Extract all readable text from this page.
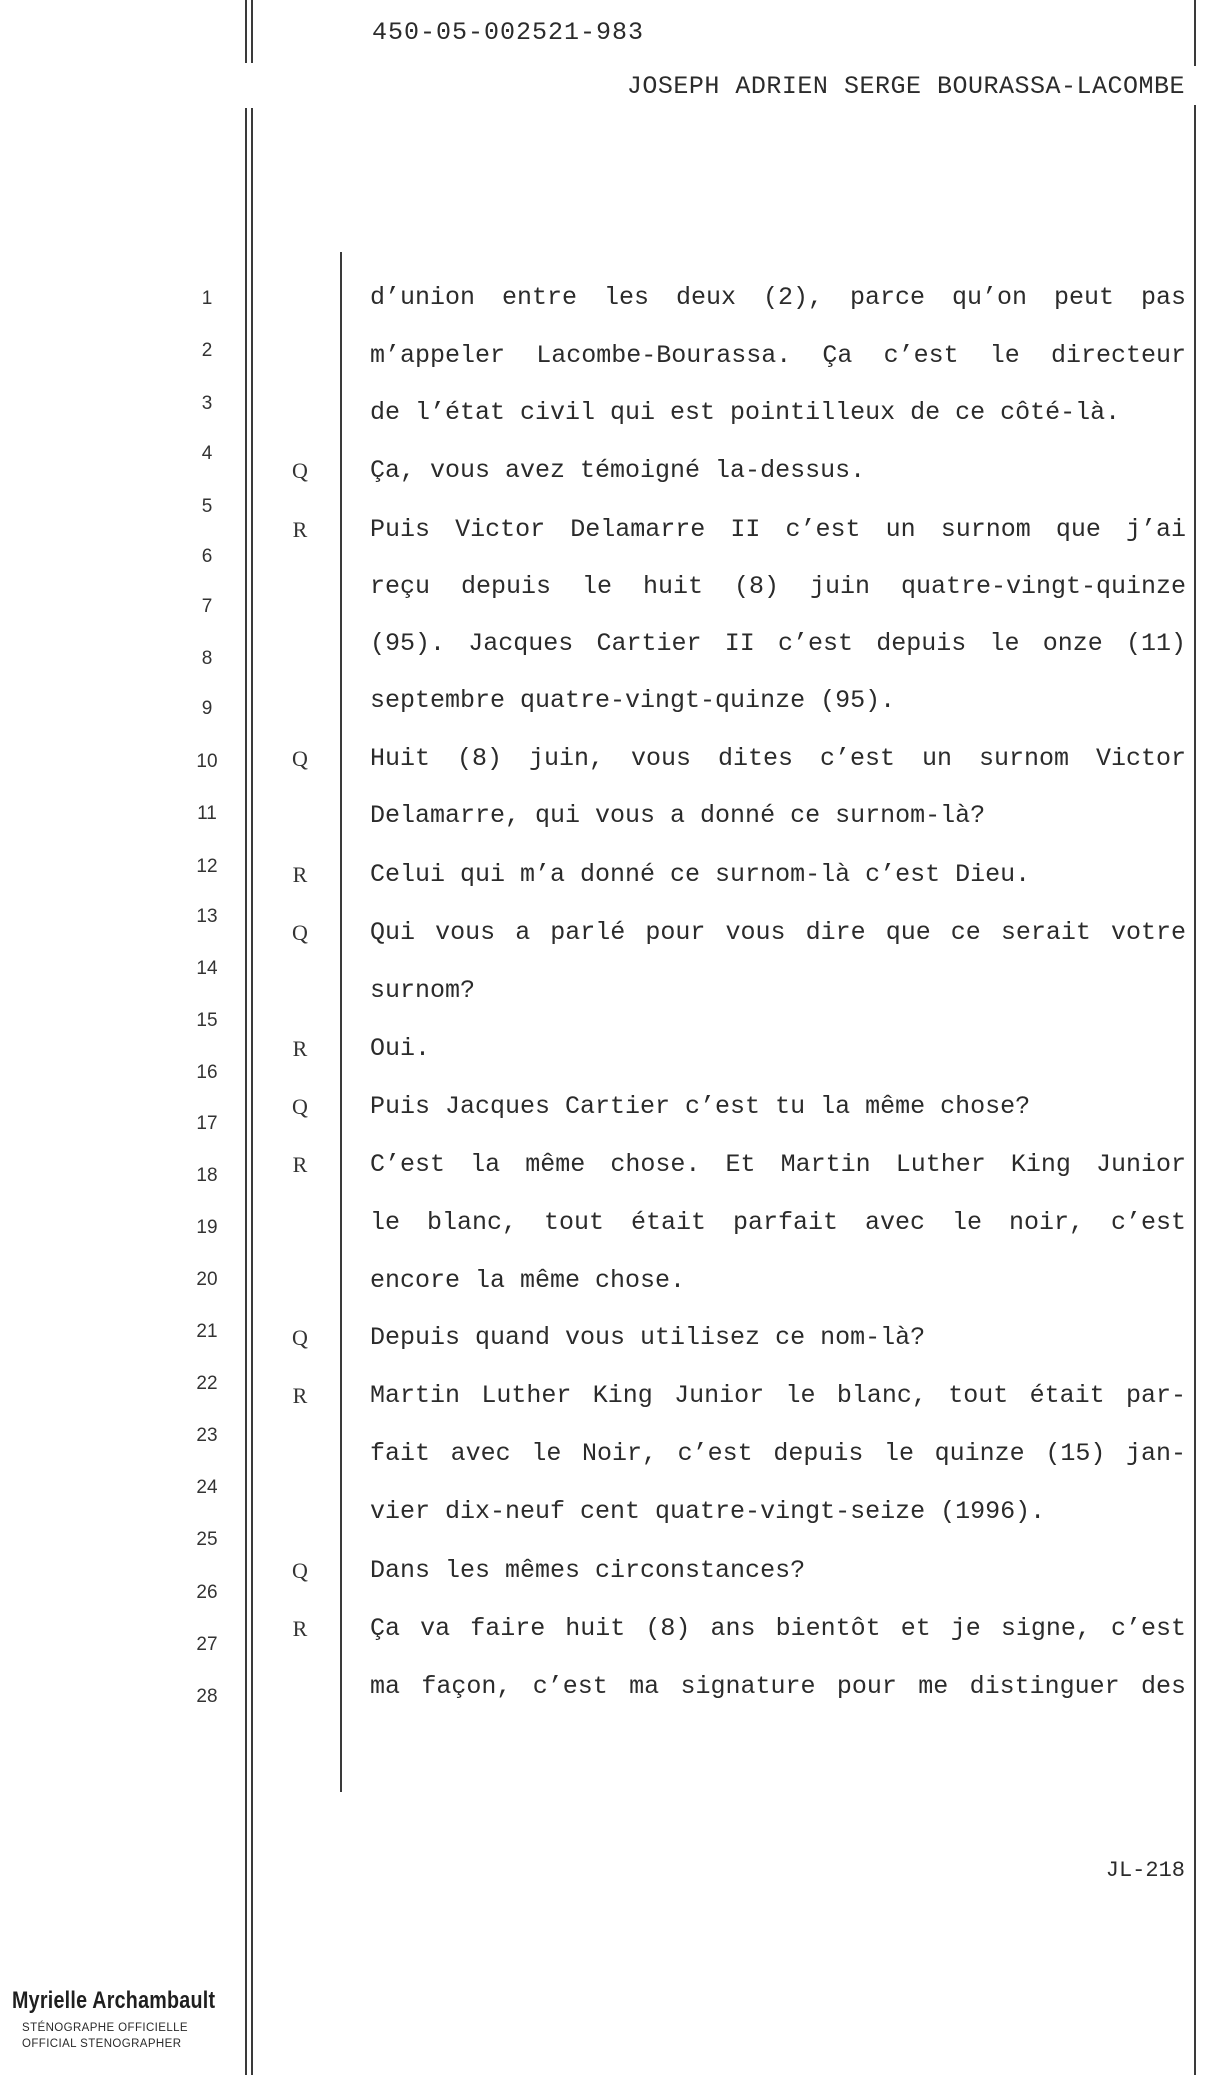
450-05-002521-983
JOSEPH ADRIEN SERGE BOURASSA-LACOMBE
1
2
3
4
5
6
7
8
9
10
11
12
13
14
15
16
17
18
19
20
21
22
23
24
25
26
27
28
Q
R
Q
R
Q
R
Q
R
Q
R
Q
R
d’union entre les deux (2), parce qu’on peut pas
m’appeler Lacombe-Bourassa. Ça c’est le directeur
de l’état civil qui est pointilleux de ce côté-là.
Ça, vous avez témoigné la-dessus.
Puis Victor Delamarre II c’est un surnom que j’ai
reçu depuis le huit (8) juin quatre-vingt-quinze
(95). Jacques Cartier II c’est depuis le onze (11)
septembre quatre-vingt-quinze (95).
Huit (8) juin, vous dites c’est un surnom Victor
Delamarre, qui vous a donné ce surnom-là?
Celui qui m’a donné ce surnom-là c’est Dieu.
Qui vous a parlé pour vous dire que ce serait votre
surnom?
Oui.
Puis Jacques Cartier c’est tu la même chose?
C’est la même chose. Et Martin Luther King Junior
le blanc, tout était parfait avec le noir, c’est
encore la même chose.
Depuis quand vous utilisez ce nom-là?
Martin Luther King Junior le blanc, tout était par-
fait avec le Noir, c’est depuis le quinze (15) jan-
vier dix-neuf cent quatre-vingt-seize (1996).
Dans les mêmes circonstances?
Ça va faire huit (8) ans bientôt et je signe, c’est
ma façon, c’est ma signature pour me distinguer des
JL-218
Myrielle Archambault
STÉNOGRAPHE OFFICIELLE
OFFICIAL STENOGRAPHER
